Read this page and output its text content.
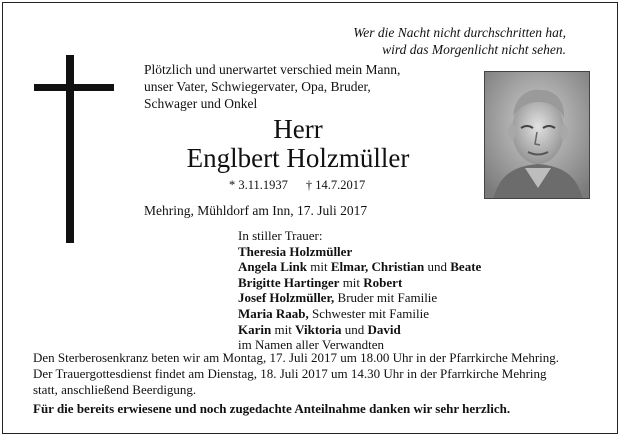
Wer die Nacht nicht durchschritten hat,
wird das Morgenlicht nicht sehen.
Plötzlich und unerwartet verschied mein Mann,
unser Vater, Schwiegervater, Opa, Bruder,
Schwager und Onkel
Herr
Englbert Holzmüller
* 3.11.1937 † 14.7.2017
Mehring, Mühldorf am Inn, 17. Juli 2017
In stiller Trauer:
Theresia Holzmüller
Angela Link mit Elmar, Christian und Beate
Brigitte Hartinger mit Robert
Josef Holzmüller, Bruder mit Familie
Maria Raab, Schwester mit Familie
Karin mit Viktoria und David
im Namen aller Verwandten
Den Sterberosenkranz beten wir am Montag, 17. Juli 2017 um 18.00 Uhr in der Pfarrkirche Mehring.
Der Trauergottesdienst findet am Dienstag, 18. Juli 2017 um 14.30 Uhr in der Pfarrkirche Mehring
statt, anschließend Beerdigung.
Für die bereits erwiesene und noch zugedachte Anteilnahme danken wir sehr herzlich.
